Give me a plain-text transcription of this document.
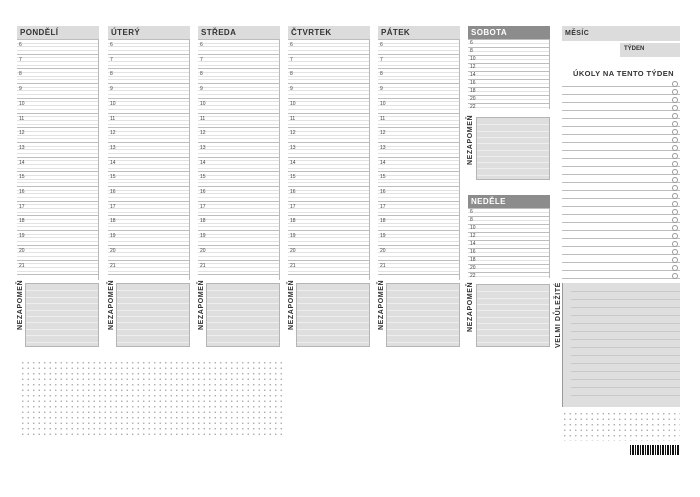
PONDĚLÍ
6
7
8
9
10
11
12
13
14
15
16
17
18
19
20
21
NEZAPOMEŇ
ÚTERÝ
6
7
8
9
10
11
12
13
14
15
16
17
18
19
20
21
NEZAPOMEŇ
STŘEDA
6
7
8
9
10
11
12
13
14
15
16
17
18
19
20
21
NEZAPOMEŇ
ČTVRTEK
6
7
8
9
10
11
12
13
14
15
16
17
18
19
20
21
NEZAPOMEŇ
PÁTEK
6
7
8
9
10
11
12
13
14
15
16
17
18
19
20
21
NEZAPOMEŇ
SOBOTA
6
8
10
12
14
16
18
20
22
NEDĚLE
6
8
10
12
14
16
18
20
22
NEZAPOMEŇ
NEZAPOMEŇ
MĚSÍC
TÝDEN
ÚKOLY NA TENTO TÝDEN
VELMI DŮLEŽITÉ
